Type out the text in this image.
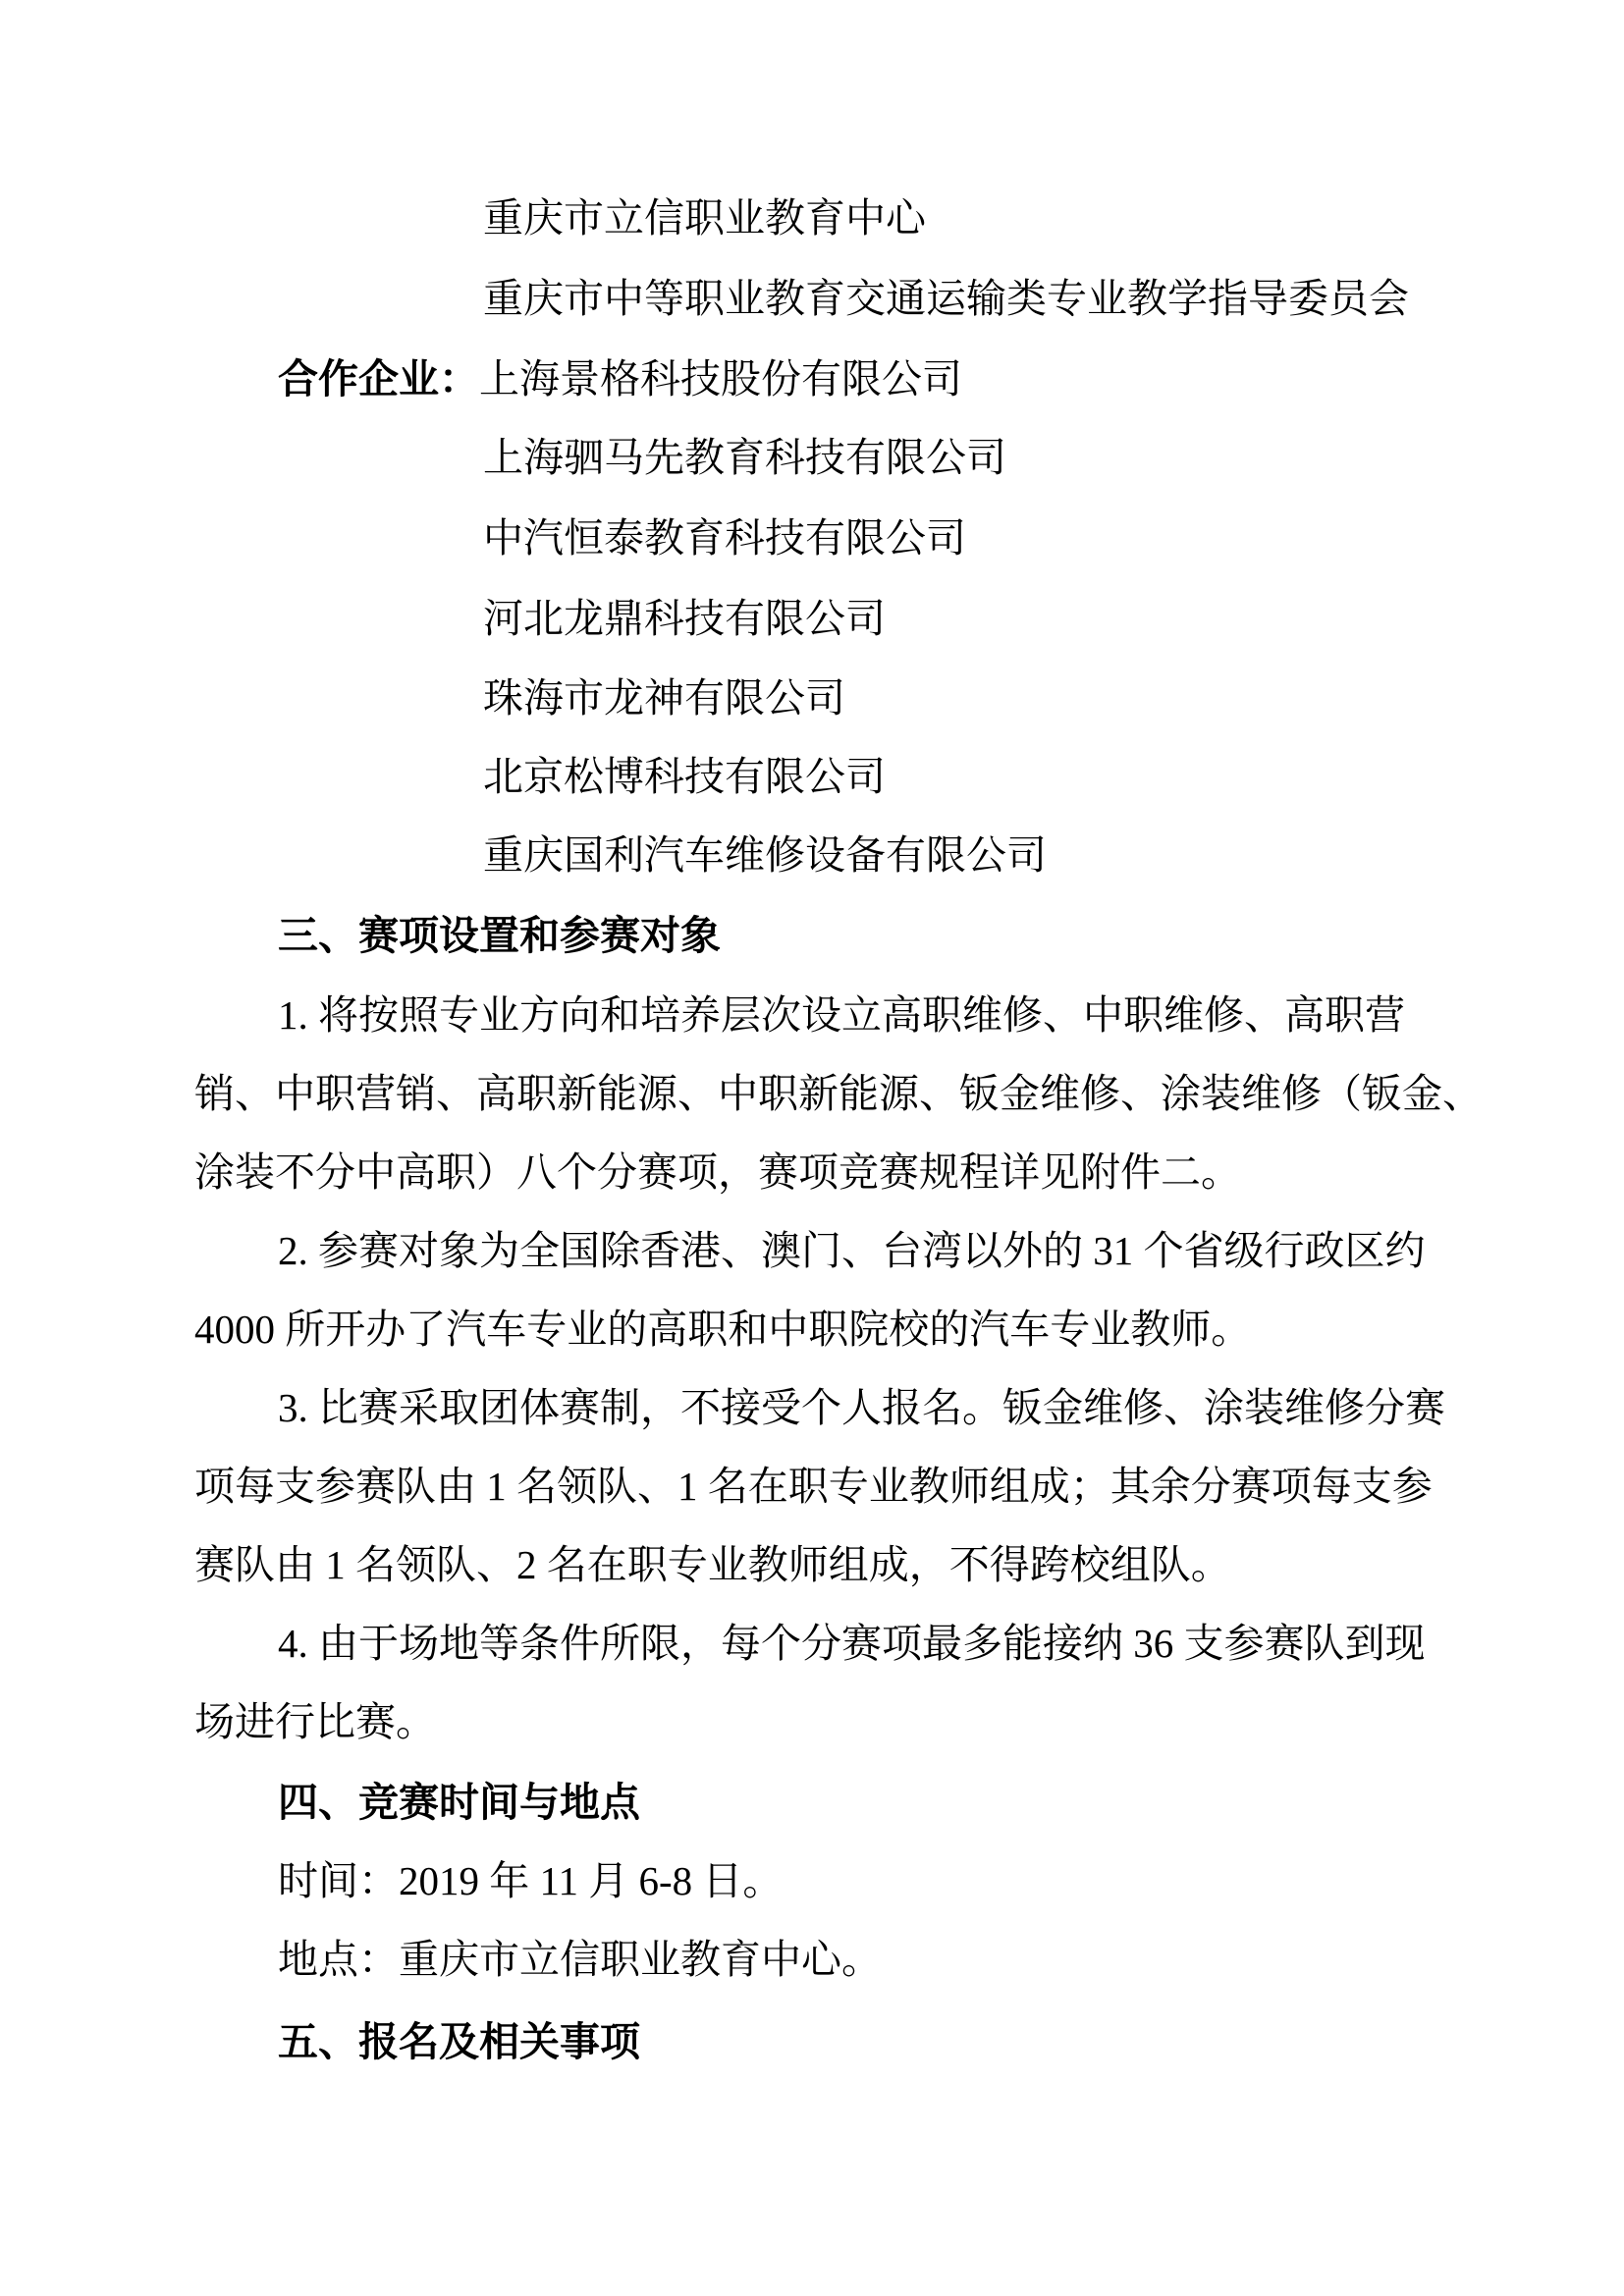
重庆市立信职业教育中心
重庆市中等职业教育交通运输类专业教学指导委员会
合作企业：上海景格科技股份有限公司
上海驷马先教育科技有限公司
中汽恒泰教育科技有限公司
河北龙鼎科技有限公司
珠海市龙神有限公司
北京松博科技有限公司
重庆国利汽车维修设备有限公司
三、赛项设置和参赛对象
1. 将按照专业方向和培养层次设立高职维修、中职维修、高职营
销、中职营销、高职新能源、中职新能源、钣金维修、涂装维修（钣金、
涂装不分中高职）八个分赛项，赛项竞赛规程详见附件二。
2. 参赛对象为全国除香港、澳门、台湾以外的 31 个省级行政区约
4000 所开办了汽车专业的高职和中职院校的汽车专业教师。
3. 比赛采取团体赛制，不接受个人报名。钣金维修、涂装维修分赛
项每支参赛队由 1 名领队、1 名在职专业教师组成；其余分赛项每支参
赛队由 1 名领队、2 名在职专业教师组成，不得跨校组队。
4. 由于场地等条件所限，每个分赛项最多能接纳 36 支参赛队到现
场进行比赛。
四、竞赛时间与地点
时间：2019 年 11 月 6-8 日。
地点：重庆市立信职业教育中心。
五、报名及相关事项
